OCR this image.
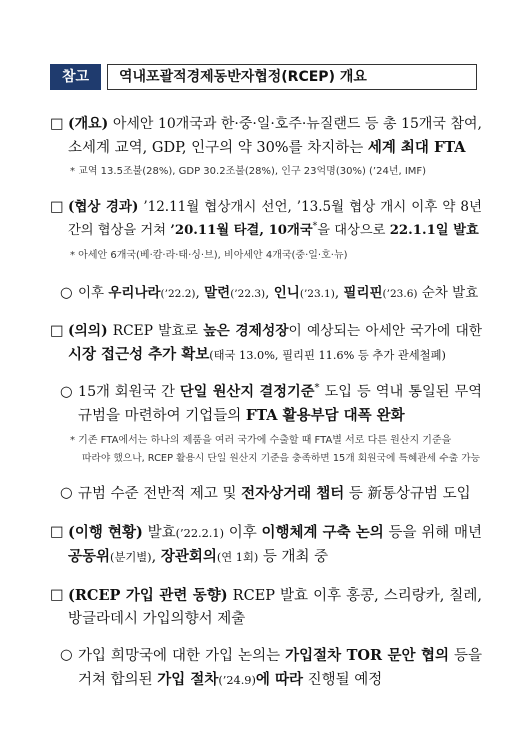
참고	역내포괄적경제동반자협정(RCEP) 개요
□ (개요) 아세안 10개국과 한·중·일·호주·뉴질랜드 등 총 15개국 참여,
소세계 교역, GDP, 인구의 약 30%를 차지하는 세계 최대 FTA
* 교역 13.5조불(28%), GDP 30.2조불(28%), 인구 23억명(30%) (’24년, IMF)
□ (협상 경과) ’12.11월 협상개시 선언, ’13.5월 협상 개시 이후 약 8년
간의 협상을 거쳐 ’20.11월 타결, 10개국*을 대상으로 22.1.1일 발효
* 아세안 6개국(베·캄·라·태·싱·브), 비아세안 4개국(중·일·호·뉴)
○ 이후 우리나라(’22.2), 말련(’22.3), 인니(’23.1), 필리핀(’23.6) 순차 발효
□ (의의) RCEP 발효로 높은 경제성장이 예상되는 아세안 국가에 대한
시장 접근성 추가 확보(태국 13.0%, 필리핀 11.6% 등 추가 관세철폐)
○ 15개 회원국 간 단일 원산지 결정기준* 도입 등 역내 통일된 무역
규범을 마련하여 기업들의 FTA 활용부담 대폭 완화
* 기존 FTA에서는 하나의 제품을 여러 국가에 수출할 때 FTA별 서로 다른 원산지 기준을
따라야 했으나, RCEP 활용시 단일 원산지 기준을 충족하면 15개 회원국에 특혜관세 수출 가능
○ 규범 수준 전반적 제고 및 전자상거래 챕터 등 新통상규범 도입
□ (이행 현황) 발효(’22.2.1) 이후 이행체계 구축 논의 등을 위해 매년
공동위(분기별), 장관회의(연 1회) 등 개최 중
□ (RCEP 가입 관련 동향) RCEP 발효 이후 홍콩, 스리랑카, 칠레,
방글라데시 가입의향서 제출
○ 가입 희망국에 대한 가입 논의는 가입절차 TOR 문안 협의 등을
거쳐 합의된 가입 절차(’24.9)에 따라 진행될 예정
